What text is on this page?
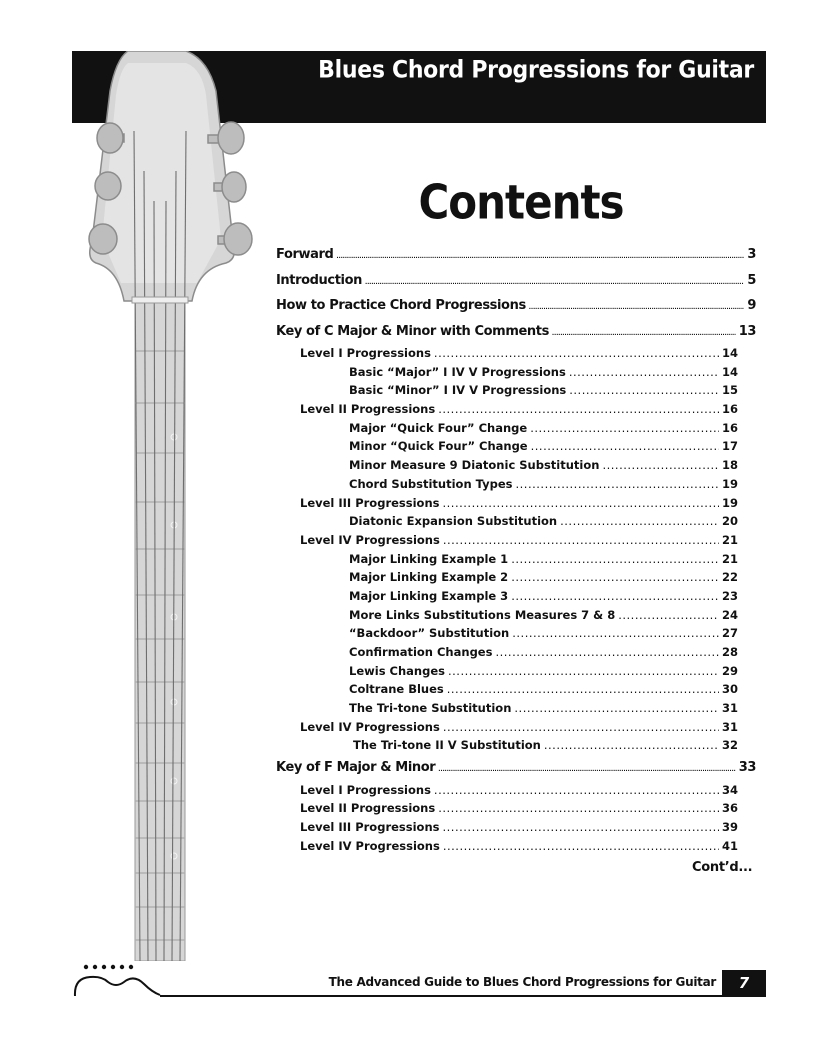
Blues Chord Progressions for Guitar
Contents
Forward .....	3
Introduction .....	5
How to Practice Chord Progressions .....	9
Key of C Major & Minor with Comments .....	13
Level I Progressions .....	14
Basic “Major” I IV V Progressions .....	14
Basic “Minor” I IV V Progressions .....	15
Level II Progressions .....	16
Major “Quick Four” Change .....	16
Minor “Quick Four” Change .....	17
Minor Measure 9 Diatonic Substitution .....	18
Chord Substitution Types .....	19
Level III Progressions .....	19
Diatonic Expansion Substitution .....	20
Level IV Progressions .....	21
Major Linking Example 1 .....	21
Major Linking Example 2 .....	22
Major Linking Example 3 .....	23
More Links Substitutions Measures 7 & 8 .....	24
“Backdoor” Substitution .....	27
Confirmation Changes .....	28
Lewis Changes .....	29
Coltrane Blues .....	30
The Tri-tone Substitution .....	31
Level IV Progressions .....	31
The Tri-tone II V Substitution .....	32
Key of F Major & Minor .....	33
Level I Progressions .....	34
Level II Progressions .....	36
Level III Progressions .....	39
Level IV Progressions .....	41
Cont’d...
The Advanced Guide to Blues Chord Progressions for Guitar	7
